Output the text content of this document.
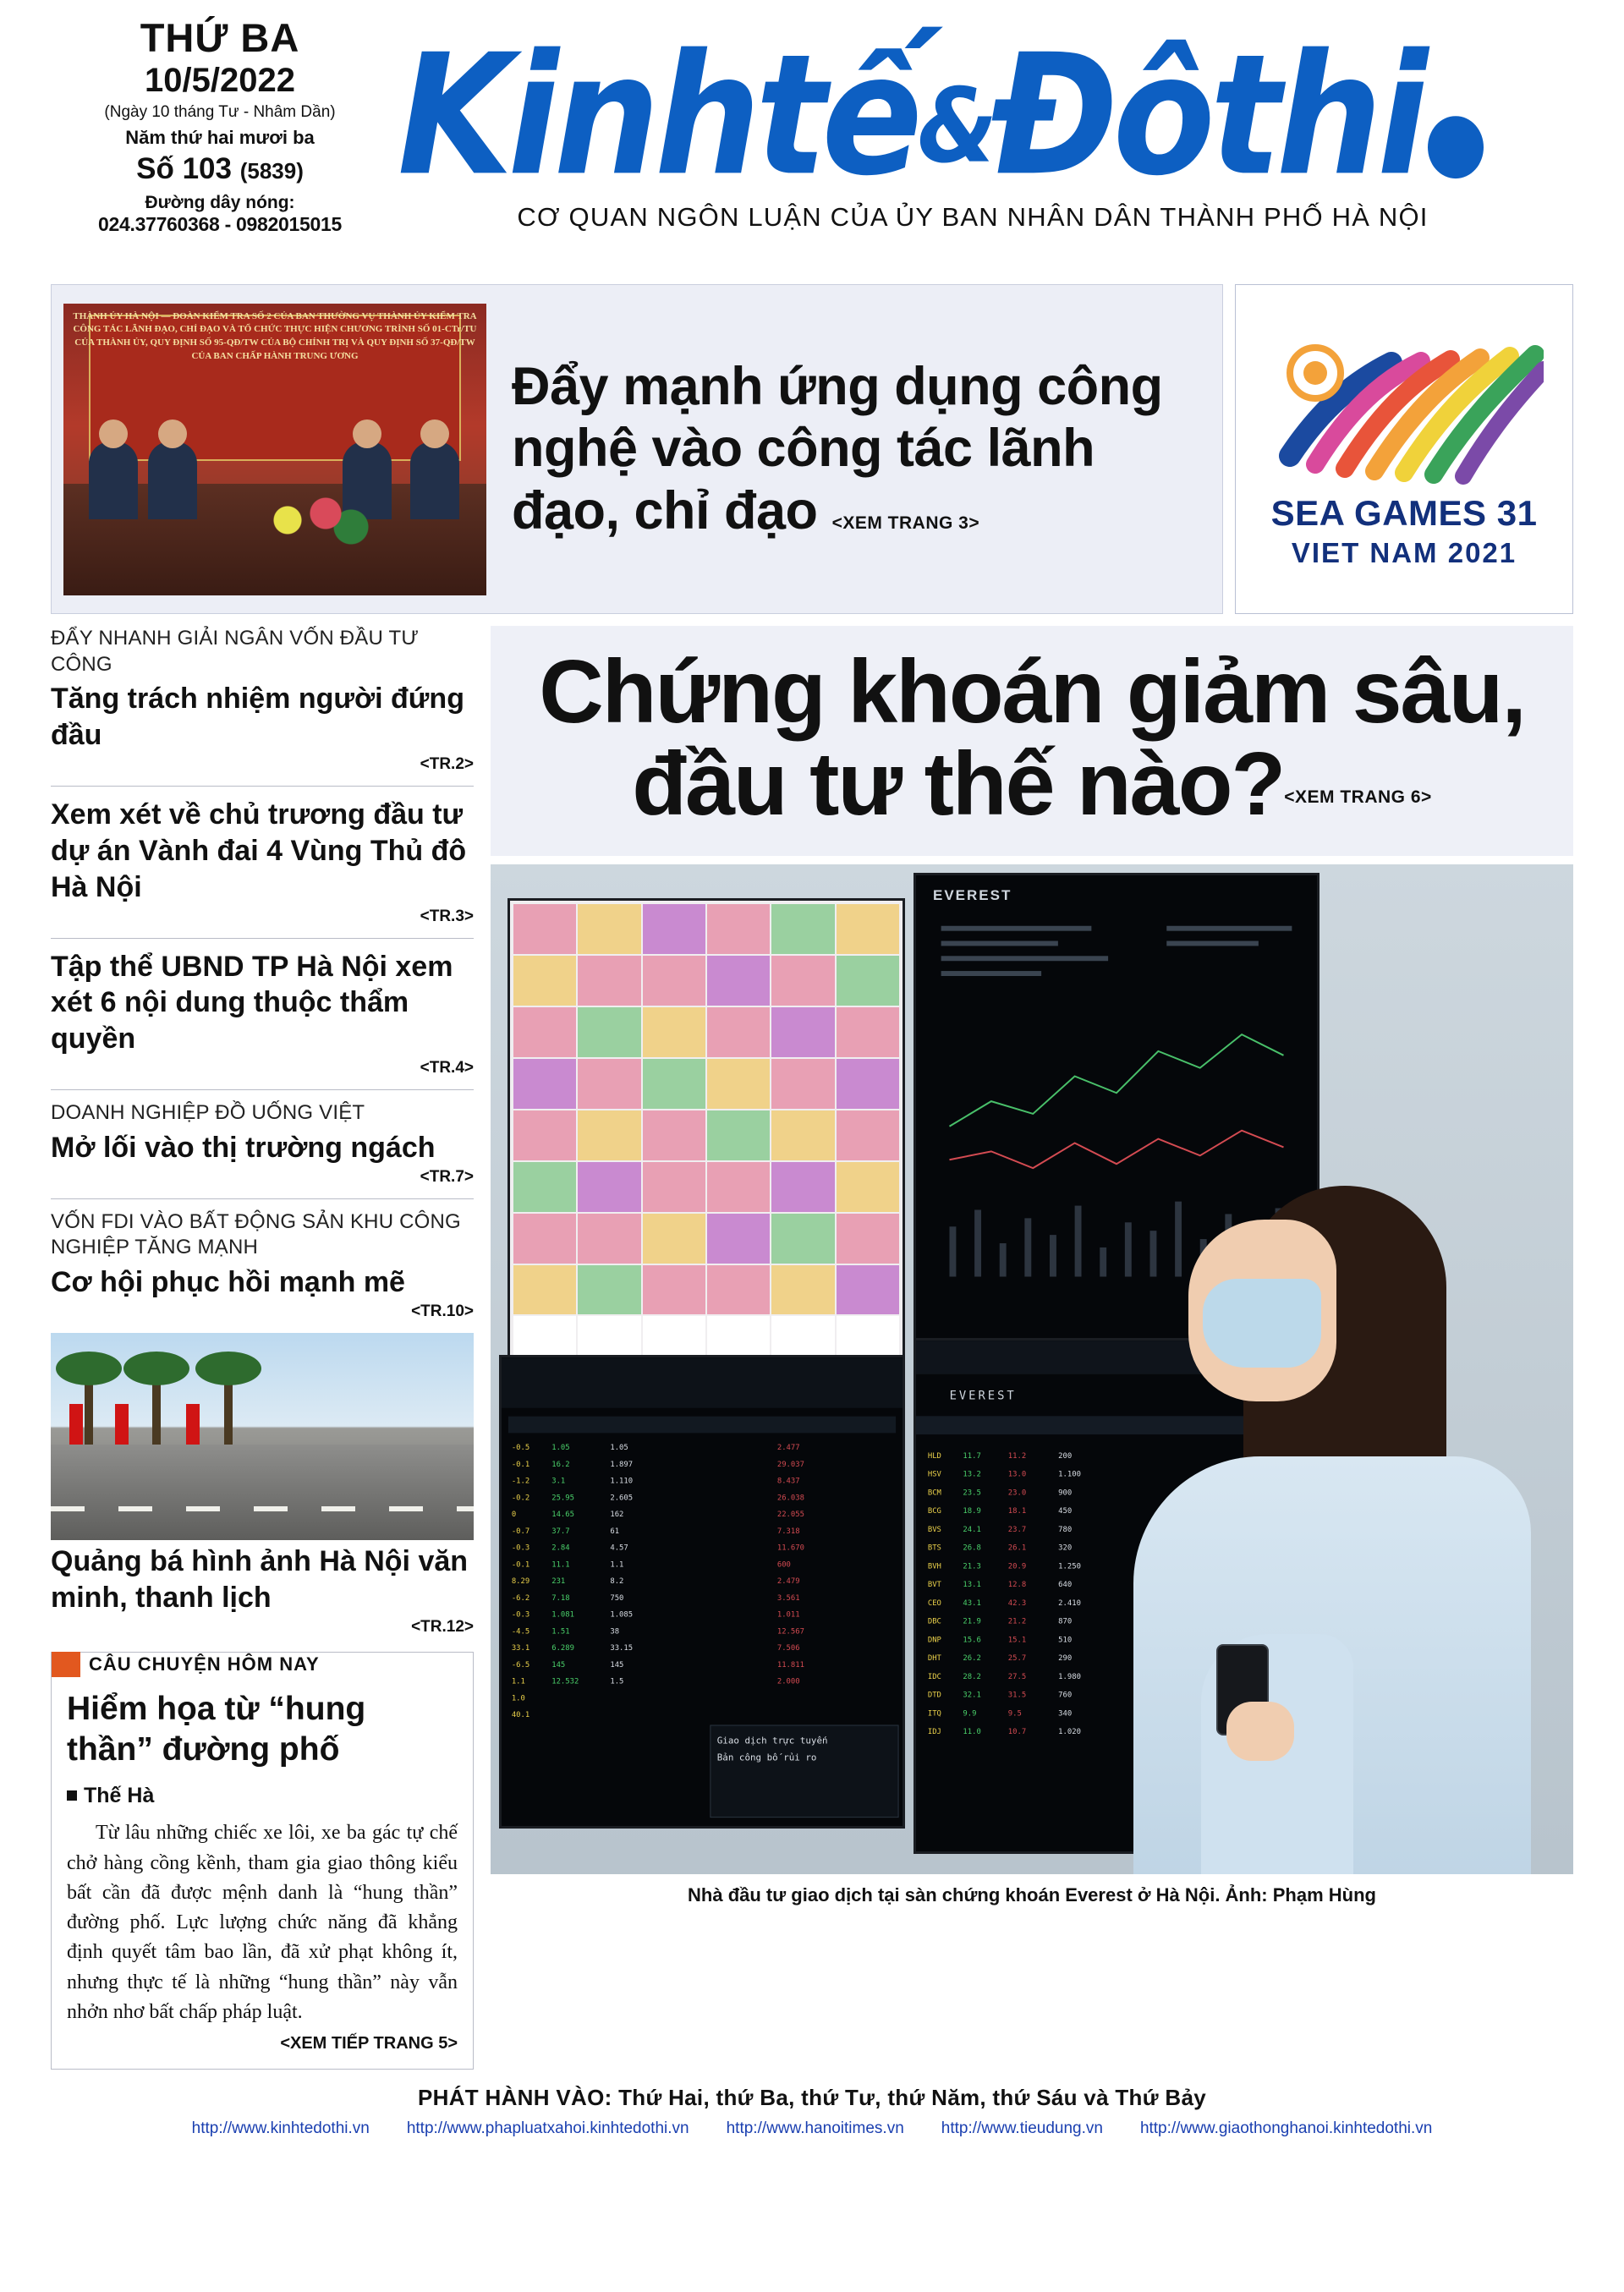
THỨ BA
10/5/2022
(Ngày 10 tháng Tư - Nhâm Dần)
Năm thứ hai mươi ba
Số 103 (5839)
Đường dây nóng:
024.37760368 - 0982015015
Kinhtế&Đôthi
CƠ QUAN NGÔN LUẬN CỦA ỦY BAN NHÂN DÂN THÀNH PHỐ HÀ NỘI
THÀNH ỦY HÀ NỘI — ĐOÀN KIỂM TRA SỐ 2 CỦA BAN THƯỜNG VỤ THÀNH ỦY KIỂM TRA CÔNG TÁC LÃNH ĐẠO, CHỈ ĐẠO VÀ TỔ CHỨC THỰC HIỆN CHƯƠNG TRÌNH SỐ 01-CTr/TU CỦA THÀNH ỦY, QUY ĐỊNH SỐ 95-QĐ/TW CỦA BỘ CHÍNH TRỊ VÀ QUY ĐỊNH SỐ 37-QĐ/TW CỦA BAN CHẤP HÀNH TRUNG ƯƠNG
Đẩy mạnh ứng dụng công nghệ vào công tác lãnh đạo, chỉ đạo <XEM TRANG 3>	SEA GAMES 31
VIET NAM 2021
ĐẨY NHANH GIẢI NGÂN VỐN ĐẦU TƯ CÔNG
Tăng trách nhiệm người đứng đầu
<TR.2>
Xem xét về chủ trương đầu tư dự án Vành đai 4 Vùng Thủ đô Hà Nội
<TR.3>
Tập thể UBND TP Hà Nội xem xét 6 nội dung thuộc thẩm quyền
<TR.4>
DOANH NGHIỆP ĐỒ UỐNG VIỆT
Mở lối vào thị trường ngách
<TR.7>
VỐN FDI VÀO BẤT ĐỘNG SẢN KHU CÔNG NGHIỆP TĂNG MẠNH
Cơ hội phục hồi mạnh mẽ
<TR.10>
Quảng bá hình ảnh Hà Nội văn minh, thanh lịch
<TR.12>
CÂU CHUYỆN HÔM NAY
Hiểm họa từ “hung thần” đường phố
Thế Hà
Từ lâu những chiếc xe lôi, xe ba gác tự chế chở hàng cồng kềnh, tham gia giao thông kiểu bất cần đã được mệnh danh là “hung thần” đường phố. Lực lượng chức năng đã khẳng định quyết tâm bao lần, đã xử phạt không ít, nhưng thực tế là những “hung thần” này vẫn nhởn nhơ bất chấp pháp luật.
<XEM TIẾP TRANG 5>
Chứng khoán giảm sâu,
đầu tư thế nào?<XEM TRANG 6>
EVEREST
-0.5
-0.1
-1.2
-0.2
0
-0.7
-0.3
-0.1
8.29
-6.2
-0.3
-4.5
33.1
-6.5
1.1
1.0
40.1
1.05
16.2
3.1
25.95
14.65
37.7
2.84
11.1
231
7.18
1.081
1.51
6.289
145
12.532
1.05
1.897
1.110
2.605
162
61
4.57
1.1
8.2
750
1.085
38
33.15
145
1.5
2.477
29.037
8.437
26.038
22.055
7.318
11.670
600
2.479
3.561
1.011
12.567
7.506
11.811
2.000
Giao dịch trực tuyến
Bản công bố rủi ro
EVEREST
HLD
HSV
BCM
BCG
BVS
BTS
BVH
BVT
CEO
DBC
DNP
DHT
IDC
DTD
ITQ
IDJ
11.7
13.2
23.5
18.9
24.1
26.8
21.3
13.1
43.1
21.9
15.6
26.2
28.2
32.1
9.9
11.0
11.2
13.0
23.0
18.1
23.7
26.1
20.9
12.8
42.3
21.2
15.1
25.7
27.5
31.5
9.5
10.7
200
1.100
900
450
780
320
1.250
640
2.410
870
510
290
1.980
760
340
1.020
Nhà đầu tư giao dịch tại sàn chứng khoán Everest ở Hà Nội. Ảnh: Phạm Hùng
PHÁT HÀNH VÀO: Thứ Hai, thứ Ba, thứ Tư, thứ Năm, thứ Sáu và Thứ Bảy
http://www.kinhtedothi.vn http://www.phapluatxahoi.kinhtedothi.vn http://www.hanoitimes.vn http://www.tieudung.vn http://www.giaothonghanoi.kinhtedothi.vn
